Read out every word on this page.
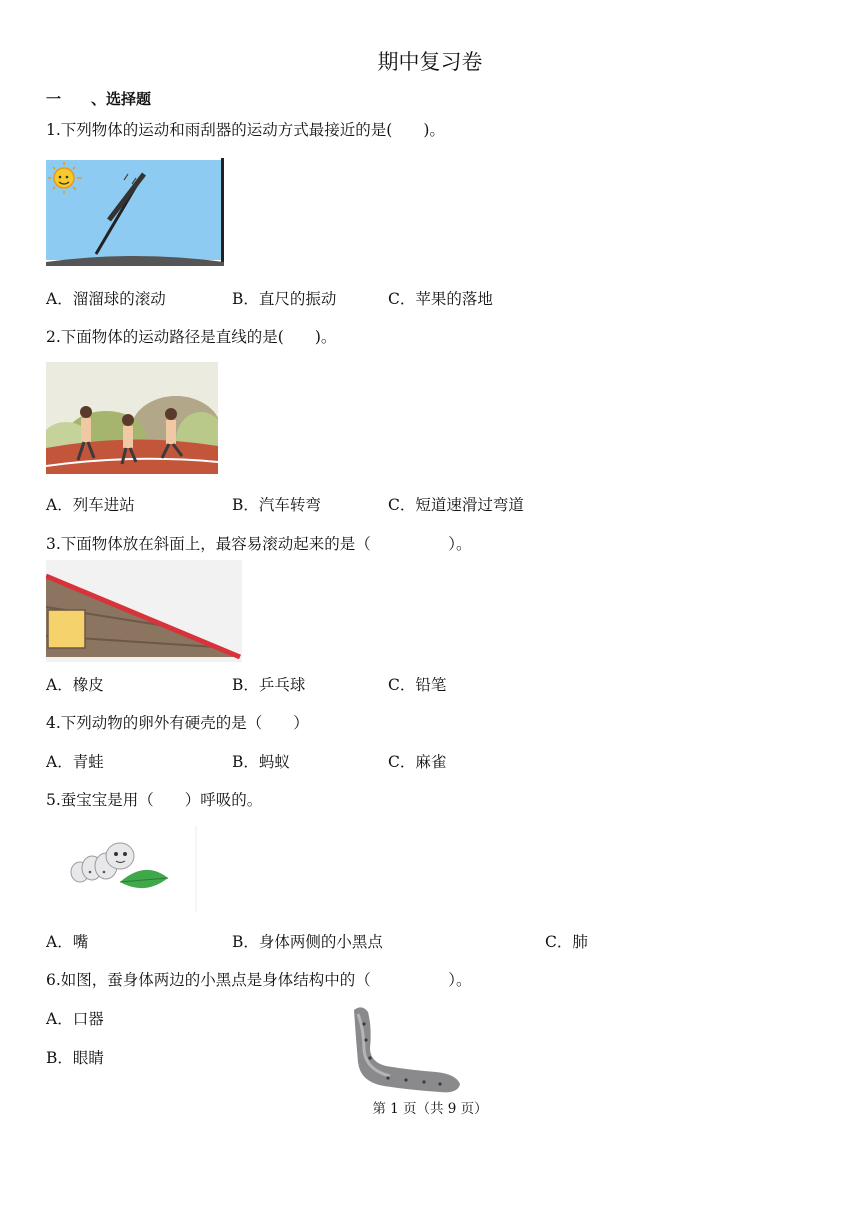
期中复习卷
一　　、选择题
1.下列物体的运动和雨刮器的运动方式最接近的是(　　)。
A．溜溜球的滚动	B．直尺的振动	C．苹果的落地
2.下面物体的运动路径是直线的是(　　)。
A．列车进站	B．汽车转弯	C．短道速滑过弯道
3.下面物体放在斜面上，最容易滚动起来的是（　　　　　）。
A．橡皮	B．乒乓球	C．铅笔
4.下列动物的卵外有硬壳的是（　　）
A．青蛙	B．蚂蚁	C．麻雀
5.蚕宝宝是用（　　）呼吸的。
A．嘴	B．身体两侧的小黑点	C．肺
6.如图，蚕身体两边的小黑点是身体结构中的（　　　　　）。
A．口器
B．眼睛
第 1 页（共 9 页）
